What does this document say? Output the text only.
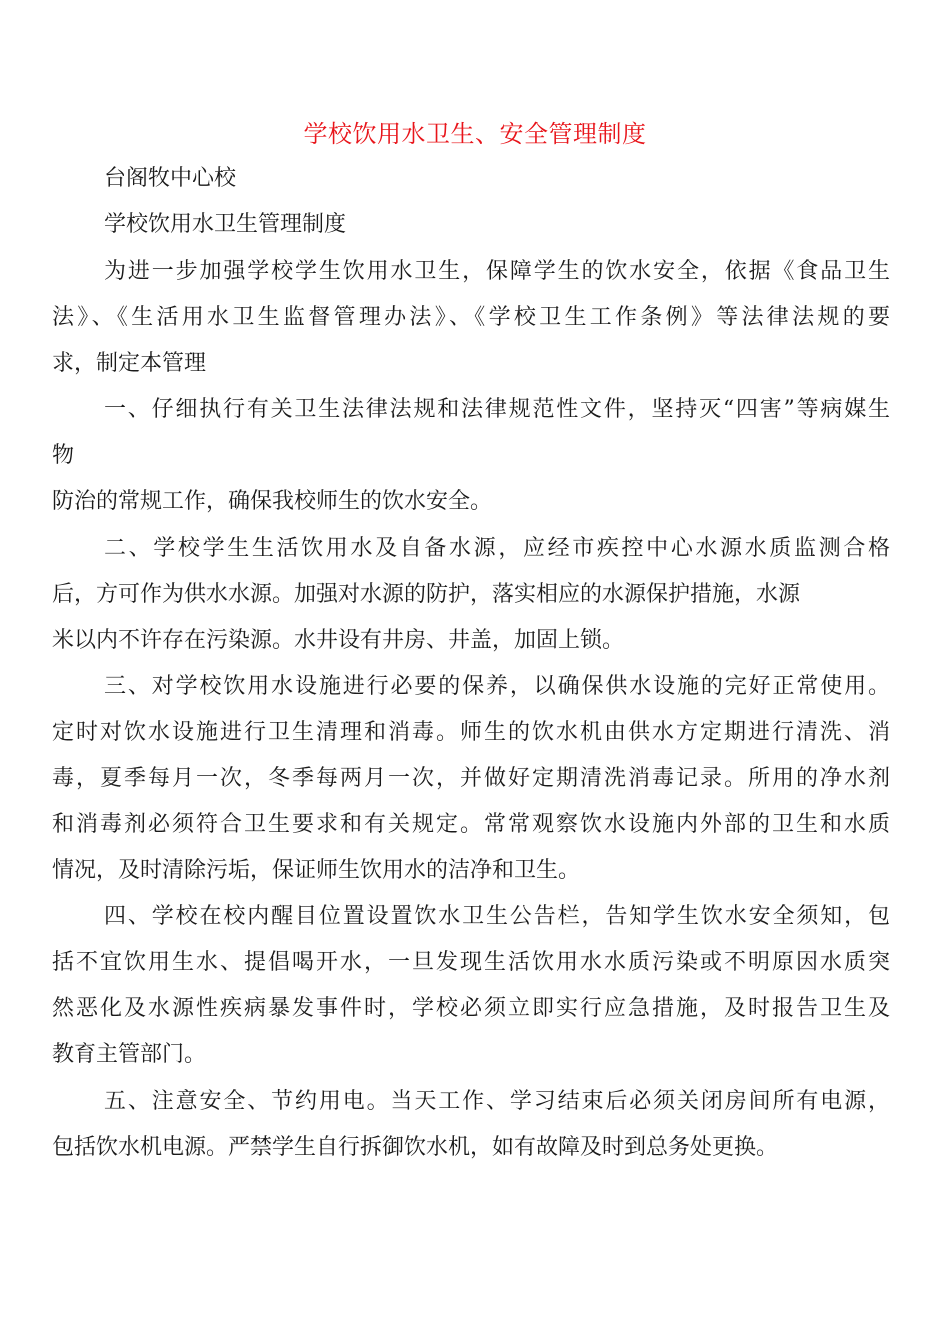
学校饮用水卫生、安全管理制度
台阁牧中心校
学校饮用水卫生管理制度
为进一步加强学校学生饮用水卫生，保障学生的饮水安全，依据《食品卫生
法》、《生活用水卫生监督管理办法》、《学校卫生工作条例》等法律法规的要
求，制定本管理
一、仔细执行有关卫生法律法规和法律规范性文件，坚持灭“四害”等病媒生
物
防治的常规工作，确保我校师生的饮水安全。
二、学校学生生活饮用水及自备水源，应经市疾控中心水源水质监测合格
后，方可作为供水水源。加强对水源的防护，落实相应的水源保护措施，水源
米以内不许存在污染源。水井设有井房、井盖，加固上锁。
三、对学校饮用水设施进行必要的保养，以确保供水设施的完好正常使用。
定时对饮水设施进行卫生清理和消毒。师生的饮水机由供水方定期进行清洗、消
毒，夏季每月一次，冬季每两月一次，并做好定期清洗消毒记录。所用的净水剂
和消毒剂必须符合卫生要求和有关规定。常常观察饮水设施内外部的卫生和水质
情况，及时清除污垢，保证师生饮用水的洁净和卫生。
四、学校在校内醒目位置设置饮水卫生公告栏，告知学生饮水安全须知，包
括不宜饮用生水、提倡喝开水，一旦发现生活饮用水水质污染或不明原因水质突
然恶化及水源性疾病暴发事件时，学校必须立即实行应急措施，及时报告卫生及
教育主管部门。
五、注意安全、节约用电。当天工作、学习结束后必须关闭房间所有电源，
包括饮水机电源。严禁学生自行拆御饮水机，如有故障及时到总务处更换。
